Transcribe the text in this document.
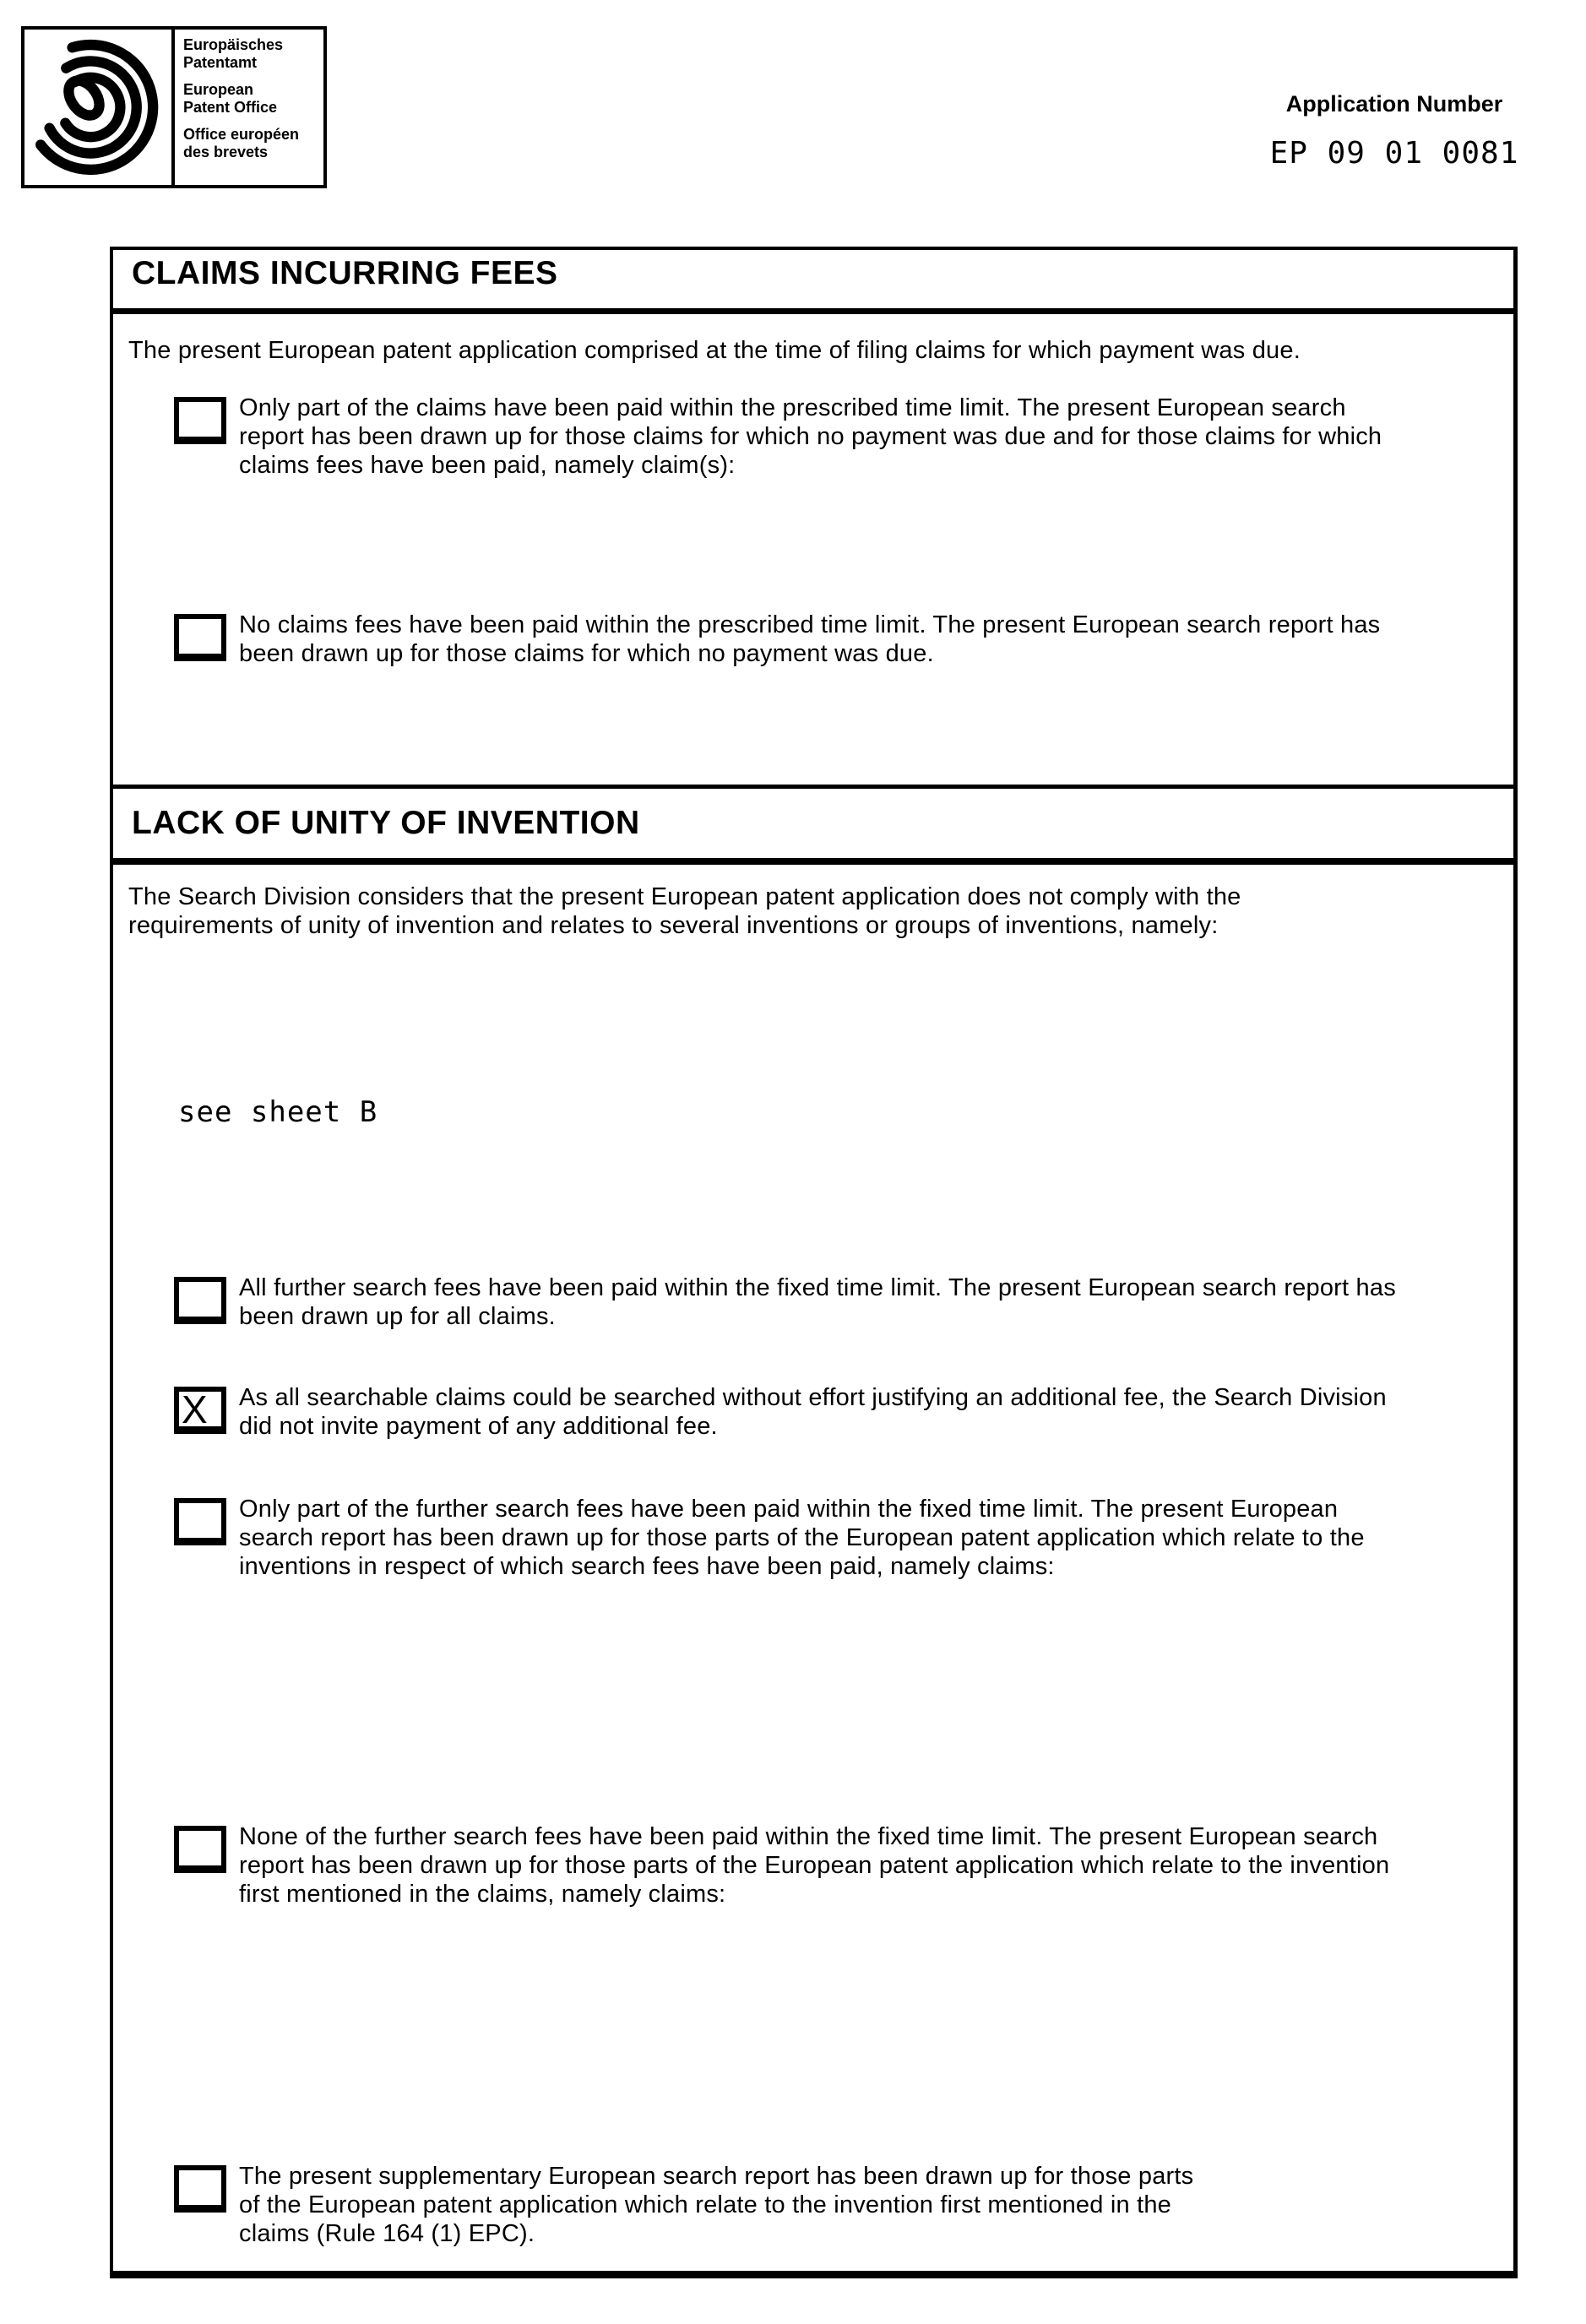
Europäisches
Patentamt
European
Patent Office
Office européen
des brevets
Application Number
EP 09 01 0081
CLAIMS INCURRING FEES
The present European patent application comprised at the time of filing claims for which payment was due.
Only part of the claims have been paid within the prescribed time limit. The present European search
report has been drawn up for those claims for which no payment was due and for those claims for which
claims fees have been paid, namely claim(s):
No claims fees have been paid within the prescribed time limit. The present European search report has
been drawn up for those claims for which no payment was due.
LACK OF UNITY OF INVENTION
The Search Division considers that the present European patent application does not comply with the
requirements of unity of invention and relates to several inventions or groups of inventions, namely:
see sheet B
All further search fees have been paid within the fixed time limit. The present European search report has
been drawn up for all claims.
X	As all searchable claims could be searched without effort justifying an additional fee, the Search Division
did not invite payment of any additional fee.
Only part of the further search fees have been paid within the fixed time limit. The present European
search report has been drawn up for those parts of the European patent application which relate to the
inventions in respect of which search fees have been paid, namely claims:
None of the further search fees have been paid within the fixed time limit. The present European search
report has been drawn up for those parts of the European patent application which relate to the invention
first mentioned in the claims, namely claims:
The present supplementary European search report has been drawn up for those parts
of the European patent application which relate to the invention first mentioned in the
claims (Rule 164 (1) EPC).
